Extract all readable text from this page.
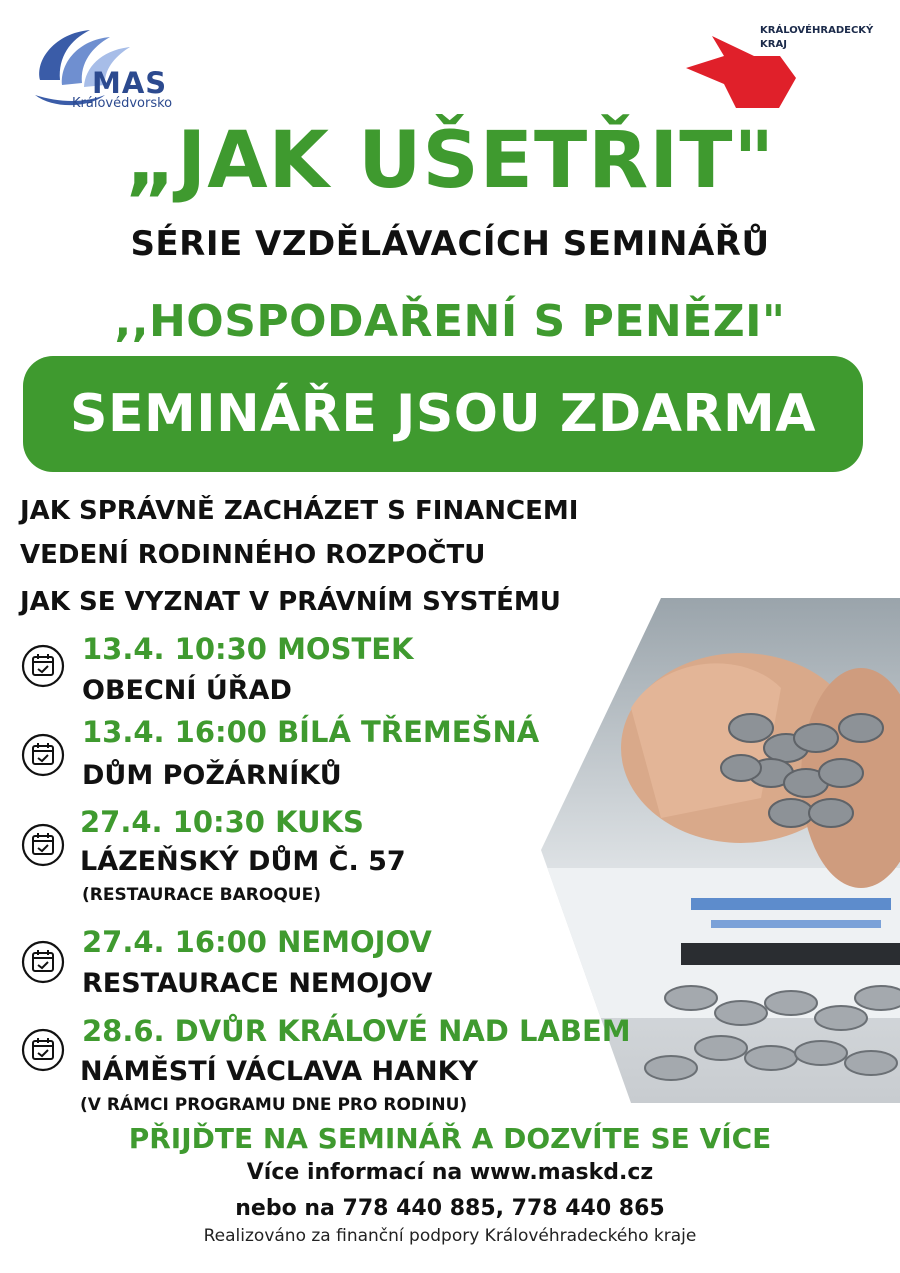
MAS
Královédvorsko
KRÁLOVÉHRADECKÝ
KRAJ
„JAK UŠETŘIT"
SÉRIE VZDĚLÁVACÍCH SEMINÁŘŮ
,,HOSPODAŘENÍ S PENĚZI"
SEMINÁŘE JSOU ZDARMA
JAK SPRÁVNĚ ZACHÁZET S FINANCEMI
VEDENÍ RODINNÉHO ROZPOČTU
JAK SE VYZNAT V PRÁVNÍM SYSTÉMU
13.4. 10:30 MOSTEK
OBECNÍ ÚŘAD
13.4. 16:00 BÍLÁ TŘEMEŠNÁ
DŮM POŽÁRNÍKŮ
27.4. 10:30 KUKS
LÁZEŇSKÝ DŮM Č. 57
(RESTAURACE BAROQUE)
27.4. 16:00 NEMOJOV
RESTAURACE NEMOJOV
28.6. DVŮR KRÁLOVÉ NAD LABEM
NÁMĚSTÍ VÁCLAVA HANKY
(V RÁMCI PROGRAMU DNE PRO RODINU)
PŘIJĎTE NA SEMINÁŘ A DOZVÍTE SE VÍCE
Více informací na www.maskd.cz
nebo na 778 440 885, 778 440 865
Realizováno za finanční podpory Královéhradeckého kraje
